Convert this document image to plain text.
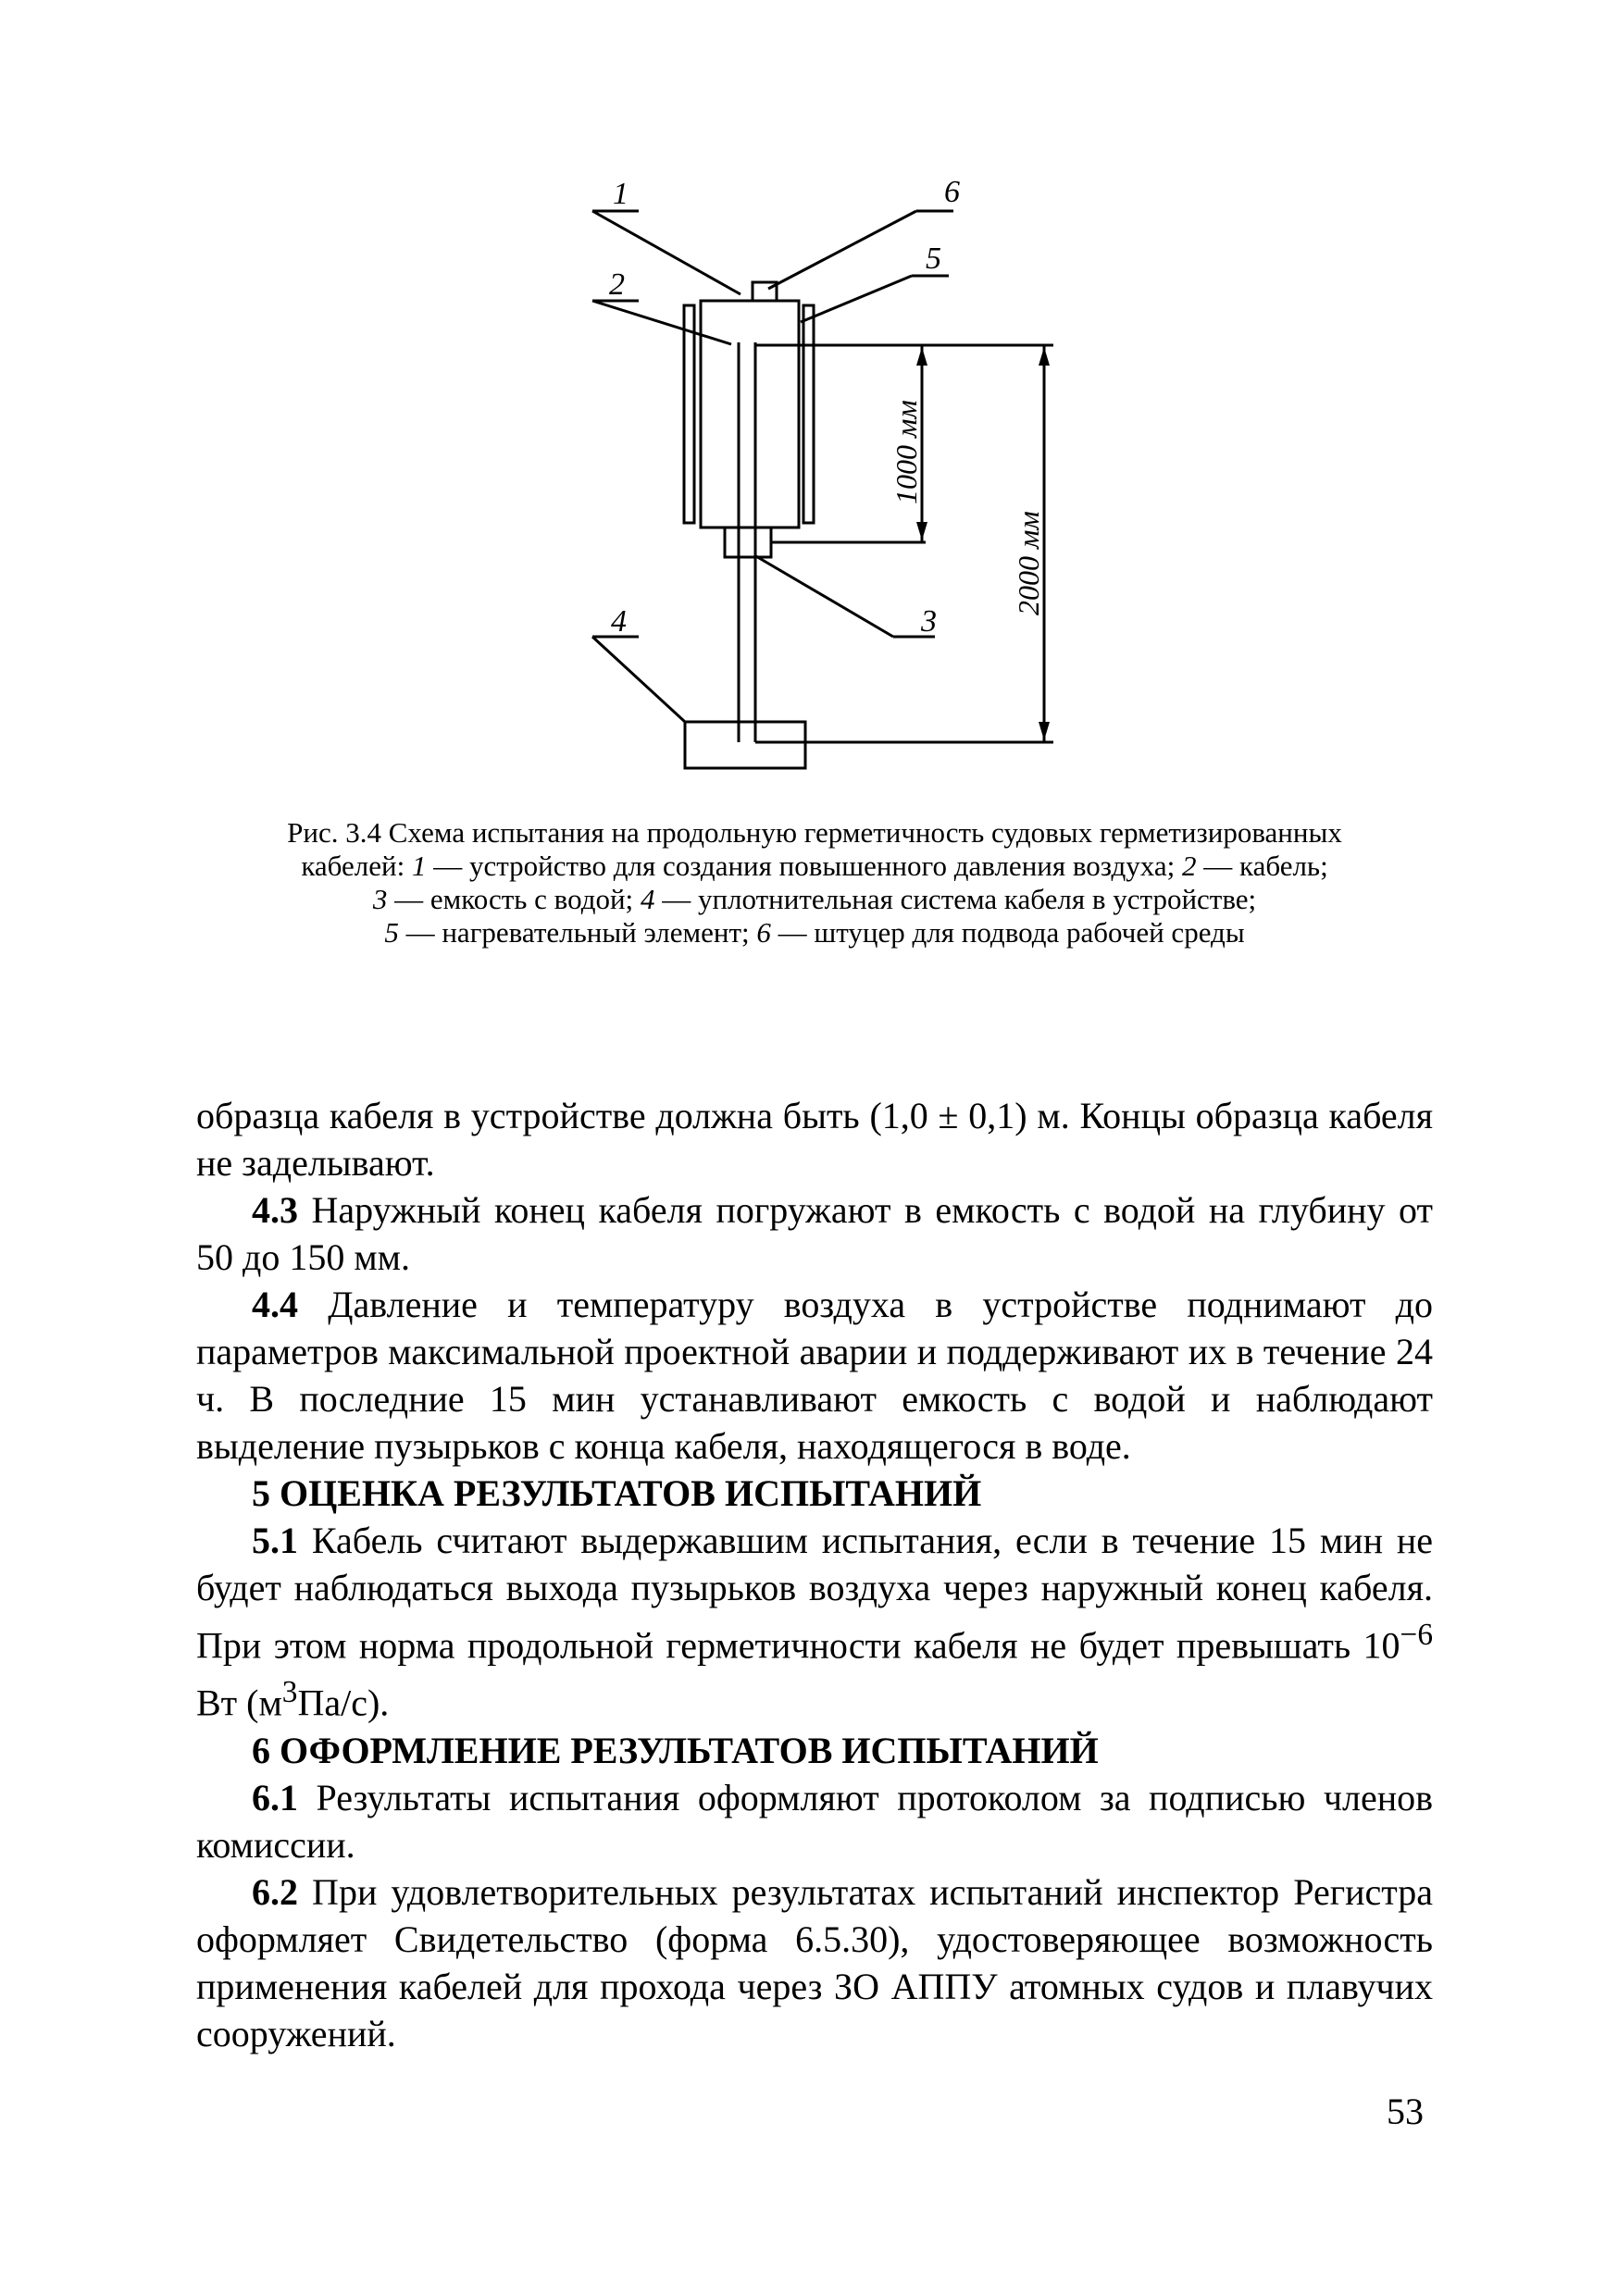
1
2
3
4
5
6
1000 мм
2000 мм
Рис. 3.4 Схема испытания на продольную герметичность судовых герметизированных
кабелей: 1 — устройство для создания повышенного давления воздуха; 2 — кабель;
3 — емкость с водой; 4 — уплотнительная система кабеля в устройстве;
5 — нагревательный элемент; 6 — штуцер для подвода рабочей среды

образца кабеля в устройстве должна быть (1,0 ± 0,1) м. Концы образца кабеля не заделывают.

4.3 Наружный конец кабеля погружают в емкость с водой на глубину от 50 до 150 мм.

4.4 Давление и температуру воздуха в устройстве поднимают до параметров максимальной проектной аварии и поддерживают их в течение 24 ч. В последние 15 мин устанавливают емкость с водой и наблюдают выделение пузырьков с конца кабеля, находящегося в воде.

5 ОЦЕНКА РЕЗУЛЬТАТОВ ИСПЫТАНИЙ

5.1 Кабель считают выдержавшим испытания, если в течение 15 мин не будет наблюдаться выхода пузырьков воздуха через наружный конец кабеля. При этом норма продольной герметичности кабеля не будет превышать $10^{-6}$ Вт $(м^3Па/с)$.

6 ОФОРМЛЕНИЕ РЕЗУЛЬТАТОВ ИСПЫТАНИЙ

6.1 Результаты испытания оформляют протоколом за подписью членов комиссии.

6.2 При удовлетворительных результатах испытаний инспектор Регистра оформляет Свидетельство (форма 6.5.30), удостоверяющее возможность применения кабелей для прохода через ЗО АППУ атомных судов и плавучих сооружений.

53
